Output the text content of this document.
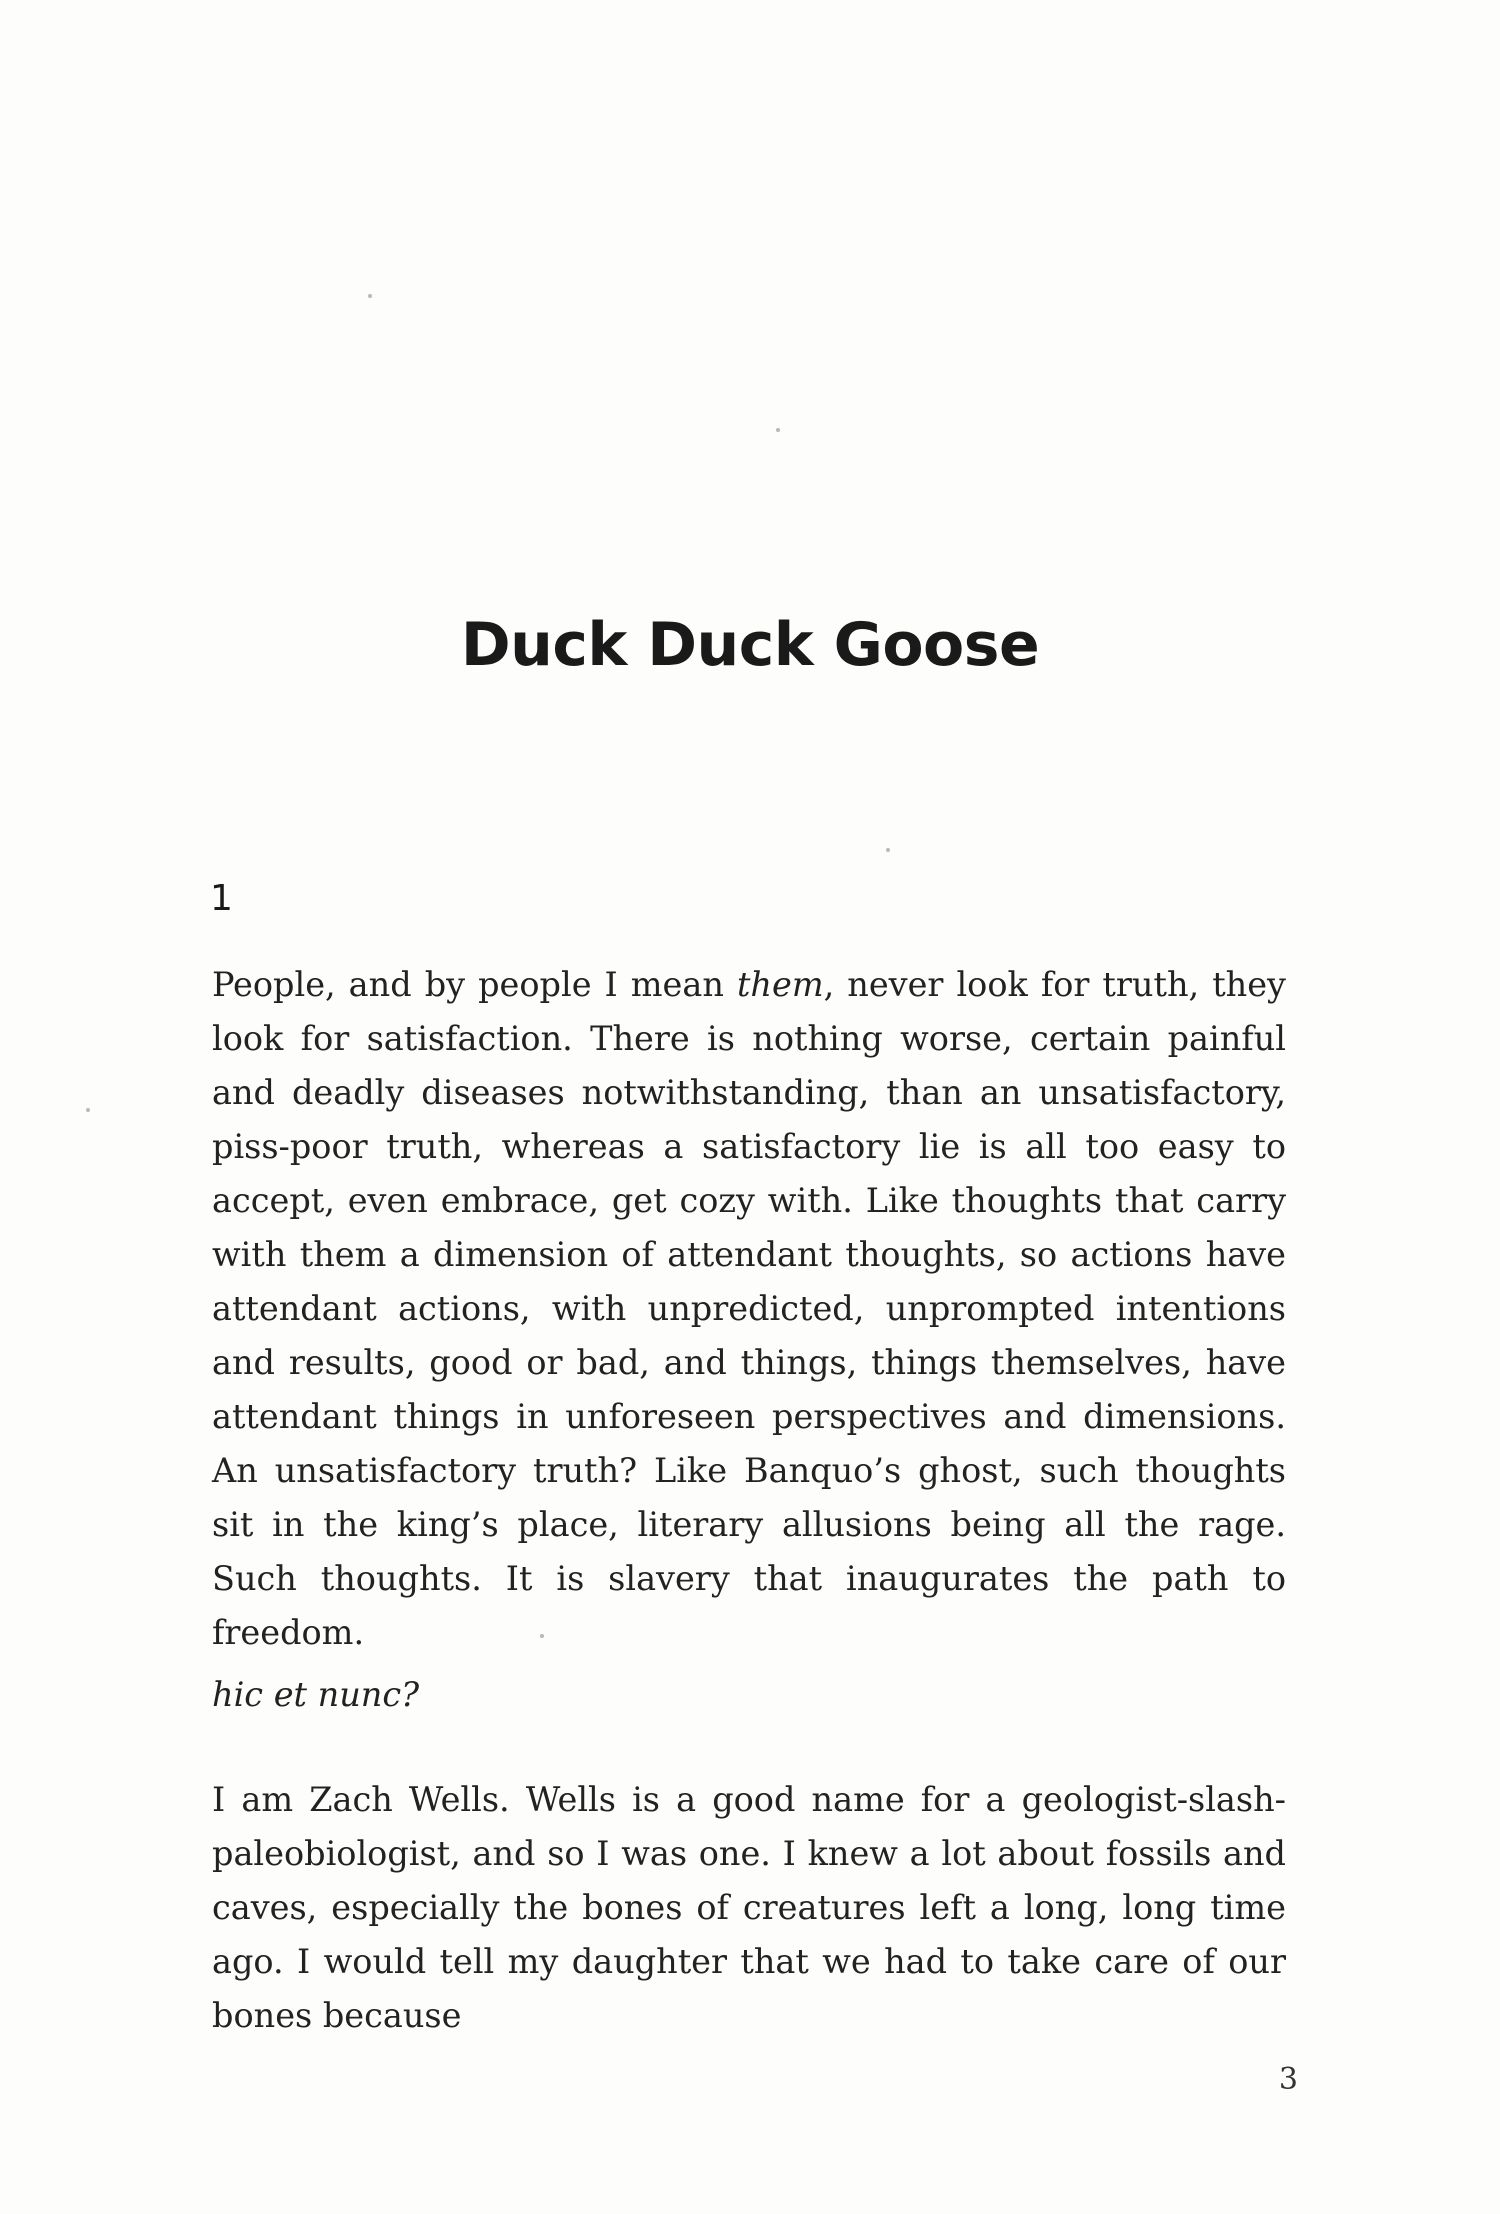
Duck Duck Goose
1

People, and by people I mean them, never look for truth, they look for satisfaction. There is nothing worse, certain painful and deadly diseases notwithstanding, than an unsatisfactory, piss-poor truth, whereas a satisfactory lie is all too easy to accept, even embrace, get cozy with. Like thoughts that carry with them a dimension of attendant thoughts, so actions have attendant actions, with unpredicted, unprompted intentions and results, good or bad, and things, things themselves, have attendant things in unforeseen perspectives and dimensions. An unsatisfactory truth? Like Banquo’s ghost, such thoughts sit in the king’s place, literary allusions being all the rage. Such thoughts. It is slavery that inaugurates the path to freedom.

hic et nunc?

I am Zach Wells. Wells is a good name for a geologist-slash-paleobiologist, and so I was one. I knew a lot about fossils and caves, especially the bones of creatures left a long, long time ago. I would tell my daughter that we had to take care of our bones because

3
